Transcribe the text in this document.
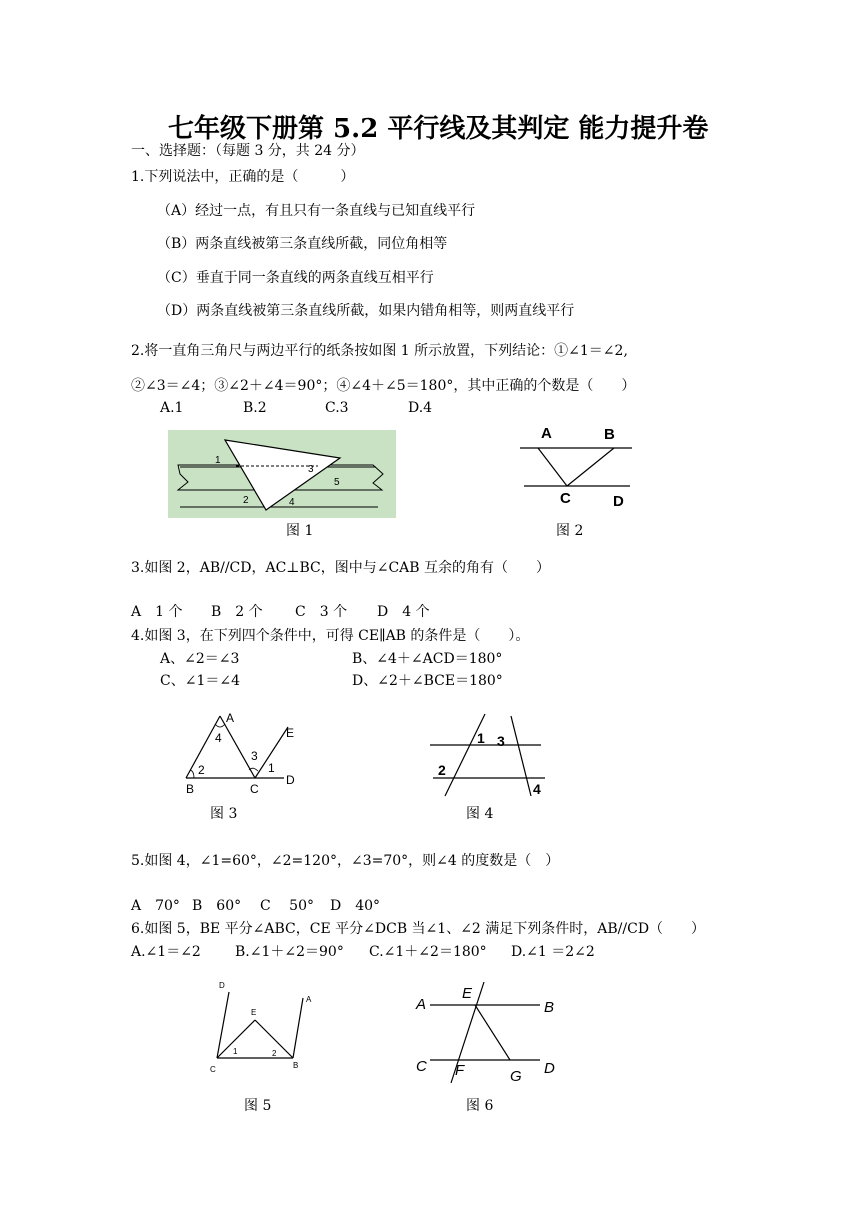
七年级下册第 5.2 平行线及其判定 能力提升卷
一、选择题：（每题 3 分，共 24 分）
1.下列说法中，正确的是（　　　）
（A）经过一点，有且只有一条直线与已知直线平行
（B）两条直线被第三条直线所截，同位角相等
（C）垂直于同一条直线的两条直线互相平行
（D）两条直线被第三条直线所截，如果内错角相等，则两直线平行
2.将一直角三角尺与两边平行的纸条按如图 1 所示放置，下列结论：①∠1＝∠2,
②∠3＝∠4；③∠2＋∠4＝90°；④∠4＋∠5＝180°，其中正确的个数是（　　）
A.1	B.2	C.3	D.4
1
2
3
4
5
图 1
A	B
C	D
图 2
3.如图 2，AB//CD，AC⊥BC，图中与∠CAB 互余的角有（　　）
A　1 个 B　2 个 C　3 个 D　4 个
4.如图 3，在下列四个条件中，可得 CE∥AB 的条件是（　　）。
A、∠2＝∠3	B、∠4＋∠ACD＝180°
C、∠1＝∠4	D、∠2＋∠BCE＝180°
A
4	E
3
2	1
D
B	C
图 3
1 3
2
4
图 4
5.如图 4，∠1=60°，∠2=120°，∠3=70°，则∠4 的度数是（　）
A　70° B　60° C　 50° D　40°
6.如图 5，BE 平分∠ABC，CE 平分∠DCB 当∠1、∠2 满足下列条件时，AB//CD（　　）
A.∠1＝∠2 B.∠1＋∠2＝90° C.∠1＋∠2＝180° D.∠1 ＝2∠2
D
E
A
1	2
C	B
图 5
A
E
B
C F	G D
图 6
